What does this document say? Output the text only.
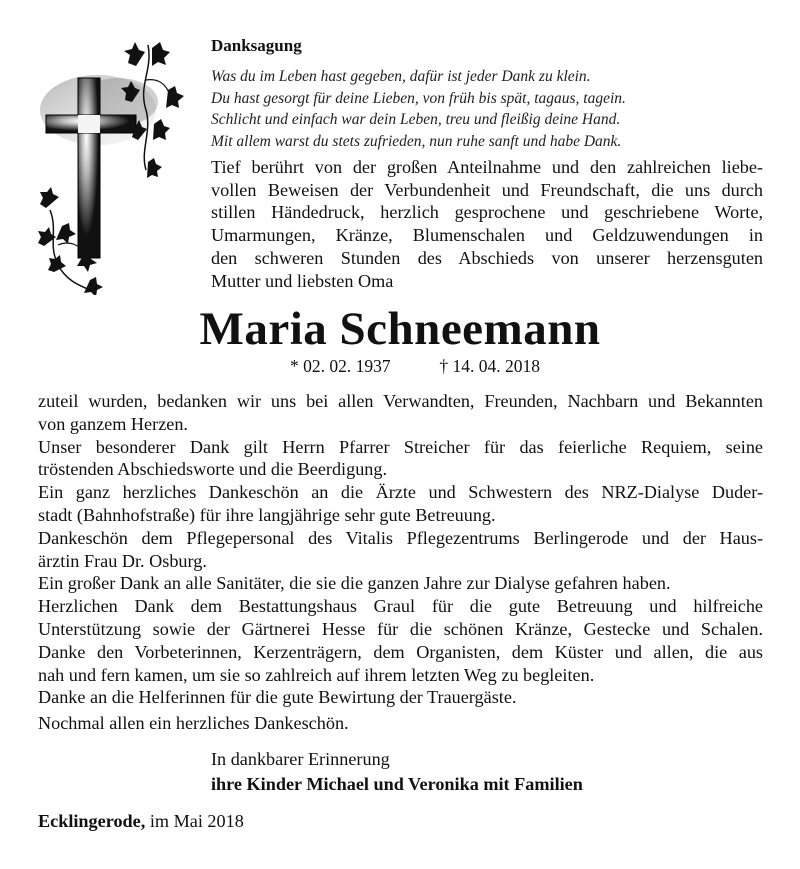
Danksagung
Was du im Leben hast gegeben, dafür ist jeder Dank zu klein.
Du hast gesorgt für deine Lieben, von früh bis spät, tagaus, tagein.
Schlicht und einfach war dein Leben, treu und fleißig deine Hand.
Mit allem warst du stets zufrieden, nun ruhe sanft und habe Dank.
Tief berührt von der großen Anteilnahme und den zahlreichen liebe-
vollen Beweisen der Verbundenheit und Freundschaft, die uns durch
stillen Händedruck, herzlich gesprochene und geschriebene Worte,
Umarmungen, Kränze, Blumenschalen und Geldzuwendungen in
den schweren Stunden des Abschieds von unserer herzensguten
Mutter und liebsten Oma
Maria Schneemann
* 02. 02. 1937	† 14. 04. 2018
zuteil wurden, bedanken wir uns bei allen Verwandten, Freunden, Nachbarn und Bekannten
von ganzem Herzen.
Unser besonderer Dank gilt Herrn Pfarrer Streicher für das feierliche Requiem, seine
tröstenden Abschiedsworte und die Beerdigung.
Ein ganz herzliches Dankeschön an die Ärzte und Schwestern des NRZ-Dialyse Duder-
stadt (Bahnhofstraße) für ihre langjährige sehr gute Betreuung.
Dankeschön dem Pflegepersonal des Vitalis Pflegezentrums Berlingerode und der Haus-
ärztin Frau Dr. Osburg.
Ein großer Dank an alle Sanitäter, die sie die ganzen Jahre zur Dialyse gefahren haben.
Herzlichen Dank dem Bestattungshaus Graul für die gute Betreuung und hilfreiche
Unterstützung sowie der Gärtnerei Hesse für die schönen Kränze, Gestecke und Schalen.
Danke den Vorbeterinnen, Kerzenträgern, dem Organisten, dem Küster und allen, die aus
nah und fern kamen, um sie so zahlreich auf ihrem letzten Weg zu begleiten.
Danke an die Helferinnen für die gute Bewirtung der Trauergäste.
Nochmal allen ein herzliches Dankeschön.
In dankbarer Erinnerung
ihre Kinder Michael und Veronika mit Familien
Ecklingerode, im Mai 2018
